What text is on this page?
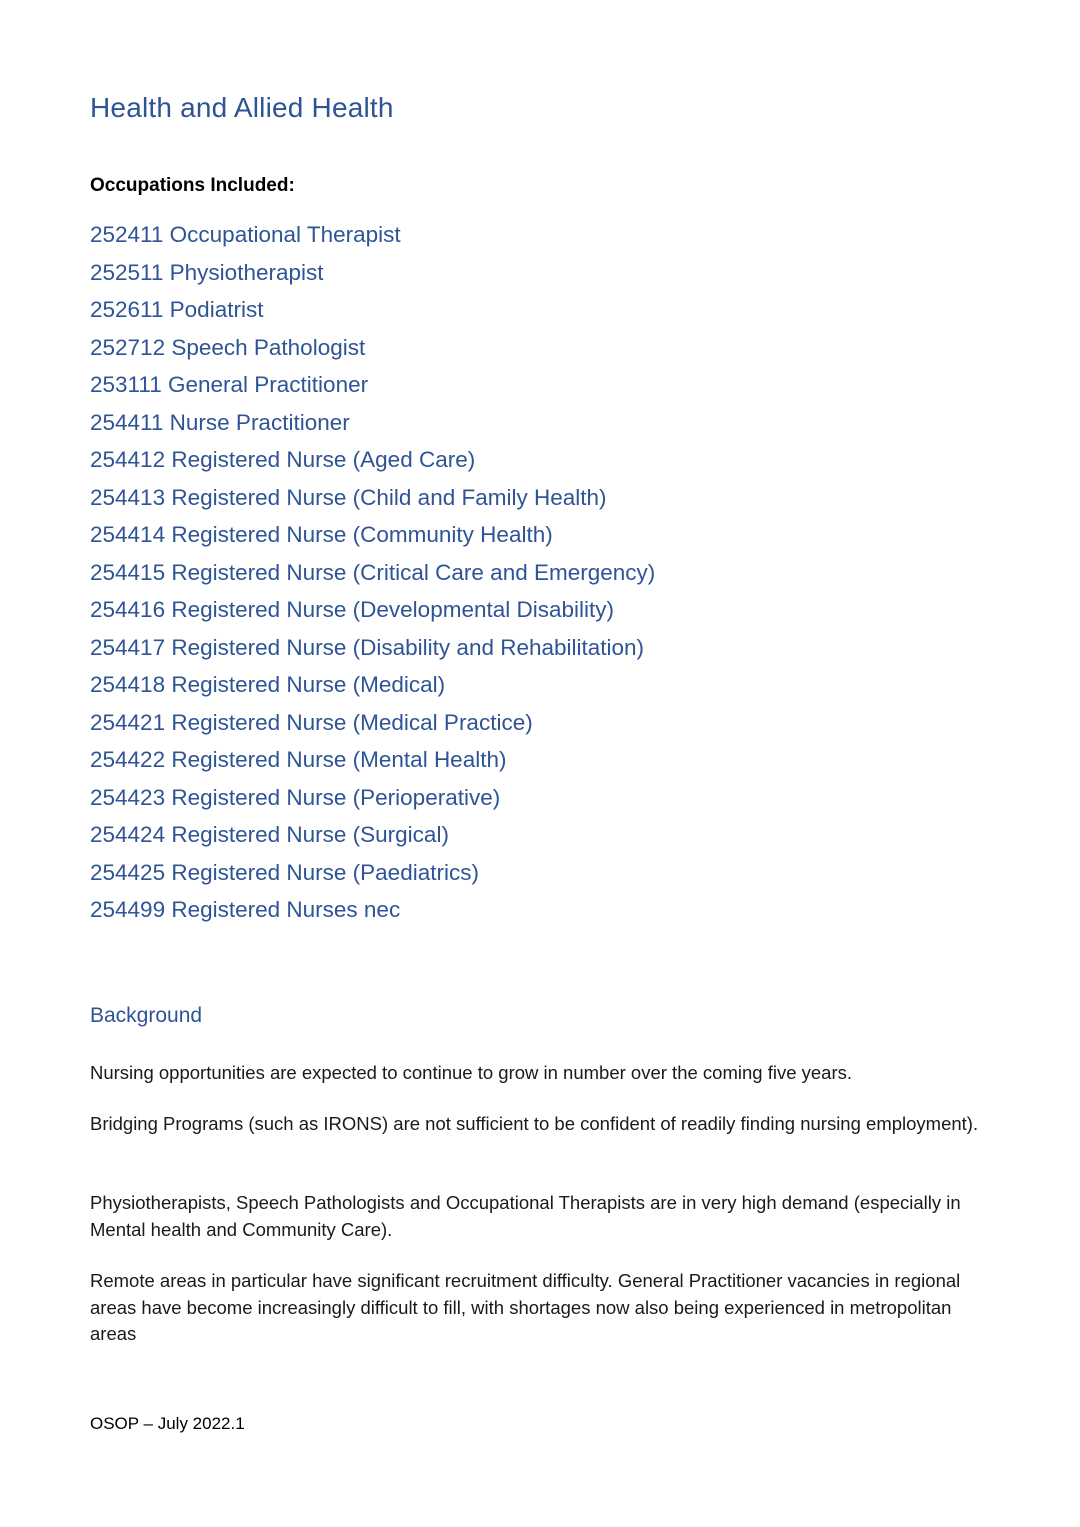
Health and Allied Health

Occupations Included:

252411 Occupational Therapist
252511 Physiotherapist
252611 Podiatrist
252712 Speech Pathologist
253111 General Practitioner
254411 Nurse Practitioner
254412 Registered Nurse (Aged Care)
254413 Registered Nurse (Child and Family Health)
254414 Registered Nurse (Community Health)
254415 Registered Nurse (Critical Care and Emergency)
254416 Registered Nurse (Developmental Disability)
254417 Registered Nurse (Disability and Rehabilitation)
254418 Registered Nurse (Medical)
254421 Registered Nurse (Medical Practice)
254422 Registered Nurse (Mental Health)
254423 Registered Nurse (Perioperative)
254424 Registered Nurse (Surgical)
254425 Registered Nurse (Paediatrics)
254499 Registered Nurses nec
Background

Nursing opportunities are expected to continue to grow in number over the coming five years.

Bridging Programs (such as IRONS) are not sufficient to be confident of readily finding nursing employment).

Physiotherapists, Speech Pathologists and Occupational Therapists are in very high demand (especially in Mental health and Community Care).

Remote areas in particular have significant recruitment difficulty. General Practitioner vacancies in regional areas have become increasingly difficult to fill, with shortages now also being experienced in metropolitan areas

OSOP – July 2022.1
